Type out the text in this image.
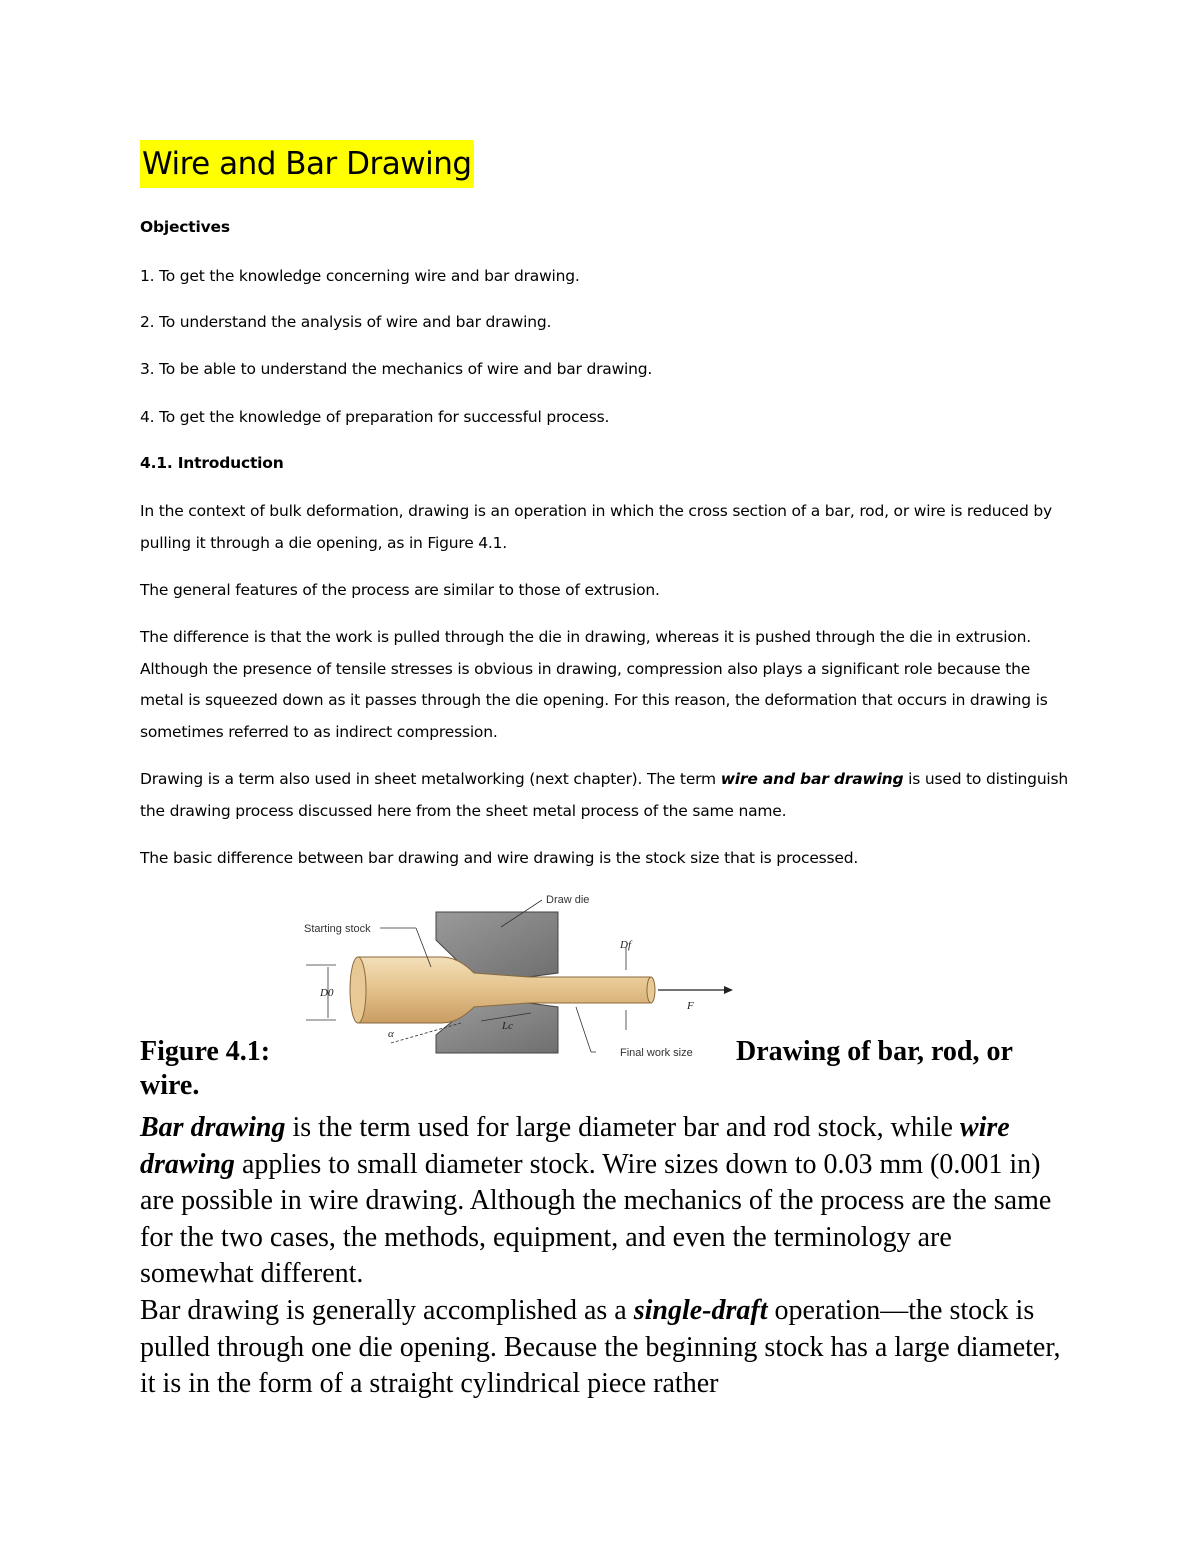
Wire and Bar Drawing
Objectives
1. To get the knowledge concerning wire and bar drawing.
2. To understand the analysis of wire and bar drawing.
3. To be able to understand the mechanics of wire and bar drawing.
4. To get the knowledge of preparation for successful process.
4.1. Introduction
In the context of bulk deformation, drawing is an operation in which the cross section of a bar, rod, or wire is reduced by pulling it through a die opening, as in Figure 4.1.
The general features of the process are similar to those of extrusion.
The difference is that the work is pulled through the die in drawing, whereas it is pushed through the die in extrusion. Although the presence of tensile stresses is obvious in drawing, compression also plays a significant role because the metal is squeezed down as it passes through the die opening. For this reason, the deformation that occurs in drawing is sometimes referred to as indirect compression.
Drawing is a term also used in sheet metalworking (next chapter). The term wire and bar drawing is used to distinguish the drawing process discussed here from the sheet metal process of the same name.
The basic difference between bar drawing and wire drawing is the stock size that is processed.
F
D0
Df
α
Lc
Draw die
Starting stock
Final work size
Figure 4.1:	Drawing of bar, rod, or
wire.
Bar drawing is the term used for large diameter bar and rod stock, while wire drawing applies to small diameter stock. Wire sizes down to 0.03 mm (0.001 in) are possible in wire drawing. Although the mechanics of the process are the same for the two cases, the methods, equipment, and even the terminology are somewhat different.
Bar drawing is generally accomplished as a single-draft operation—the stock is pulled through one die opening. Because the beginning stock has a large diameter, it is in the form of a straight cylindrical piece rather
